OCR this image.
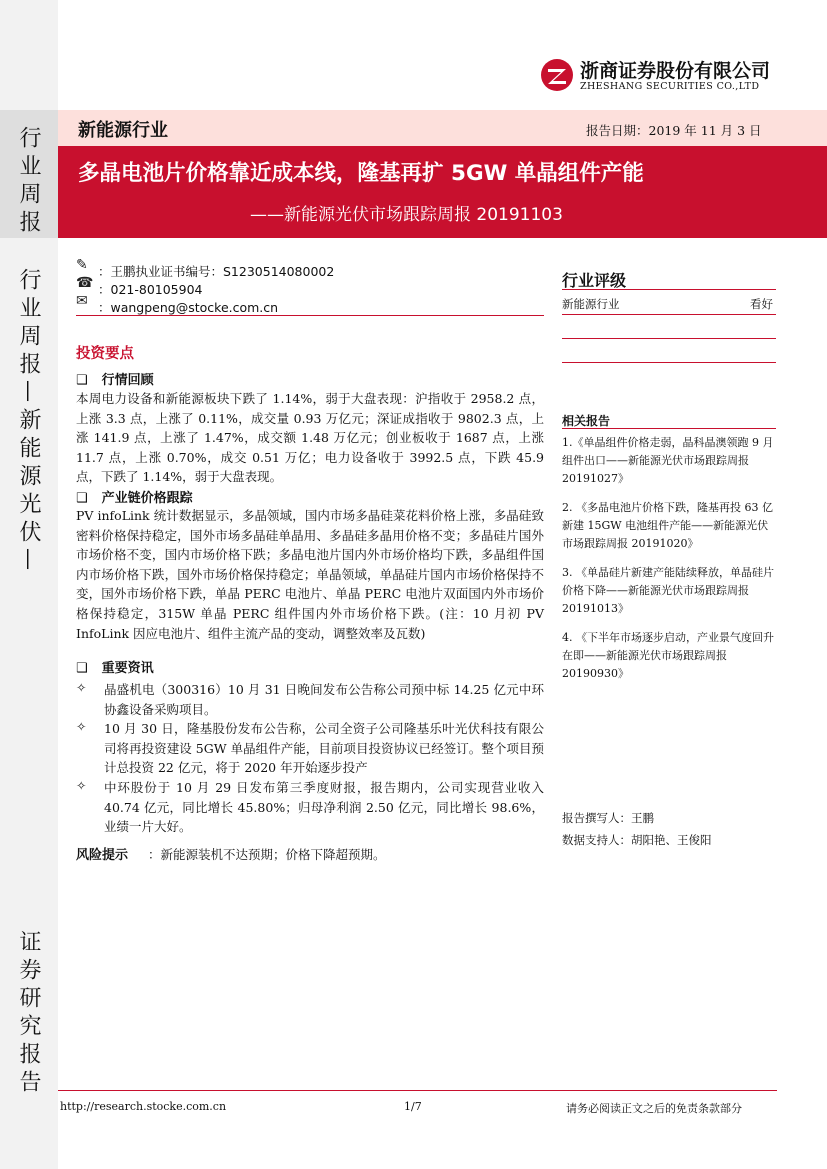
行业周报
行业周报—新能源光伏—
证券研究报告
浙商证券股份有限公司
ZHESHANG SECURITIES CO.,LTD
新能源行业	报告日期：2019 年 11 月 3 日
多晶电池片价格靠近成本线，隆基再扩 5GW 单晶组件产能
——新能源光伏市场跟踪周报 20191103
✎ ：王鹏执业证书编号：S1230514080002
☎ ：021-80105904
✉ ：wangpeng@stocke.com.cn
投资要点
❑ 行情回顾
本周电力设备和新能源板块下跌了 1.14%，弱于大盘表现：沪指收于 2958.2 点，上涨 3.3 点，上涨了 0.11%，成交量 0.93 万亿元；深证成指收于 9802.3 点，上涨 141.9 点，上涨了 1.47%，成交额 1.48 万亿元；创业板收于 1687 点，上涨 11.7 点，上涨 0.70%，成交 0.51 万亿；电力设备收于 3992.5 点，下跌 45.9 点，下跌了 1.14%，弱于大盘表现。
❑ 产业链价格跟踪
PV infoLink 统计数据显示，多晶领域，国内市场多晶硅菜花料价格上涨，多晶硅致密料价格保持稳定，国外市场多晶硅单晶用、多晶硅多晶用价格不变；多晶硅片国外市场价格不变，国内市场价格下跌；多晶电池片国内外市场价格均下跌，多晶组件国内市场价格下跌，国外市场价格保持稳定；单晶领域，单晶硅片国内市场价格保持不变，国外市场价格下跌，单晶 PERC 电池片、单晶 PERC 电池片双面国内外市场价格保持稳定，315W 单晶 PERC 组件国内外市场价格下跌。(注：10 月初 PV InfoLink 因应电池片、组件主流产品的变动，调整效率及瓦数)
❑ 重要资讯
✧ 晶盛机电（300316）10 月 31 日晚间发布公告称公司预中标 14.25 亿元中环协鑫设备采购项目。
✧ 10 月 30 日，隆基股份发布公告称，公司全资子公司隆基乐叶光伏科技有限公司将再投资建设 5GW 单晶组件产能，目前项目投资协议已经签订。整个项目预计总投资 22 亿元，将于 2020 年开始逐步投产
✧ 中环股份于 10 月 29 日发布第三季度财报，报告期内，公司实现营业收入 40.74 亿元，同比增长 45.80%；归母净利润 2.50 亿元，同比增长 98.6%，业绩一片大好。
风险提示 ：新能源装机不达预期；价格下降超预期。
行业评级
新能源行业	看好
相关报告
1.《单晶组件价格走弱，晶科晶澳领跑 9 月组件出口——新能源光伏市场跟踪周报 20191027》
2. 《多晶电池片价格下跌，隆基再投 63 亿新建 15GW 电池组件产能——新能源光伏市场跟踪周报 20191020》
3. 《单晶硅片新建产能陆续释放，单晶硅片价格下降——新能源光伏市场跟踪周报 20191013》
4. 《下半年市场逐步启动，产业景气度回升在即——新能源光伏市场跟踪周报 20190930》
报告撰写人：王鹏
数据支持人：胡阳艳、王俊阳
http://research.stocke.com.cn	1/7	请务必阅读正文之后的免责条款部分
